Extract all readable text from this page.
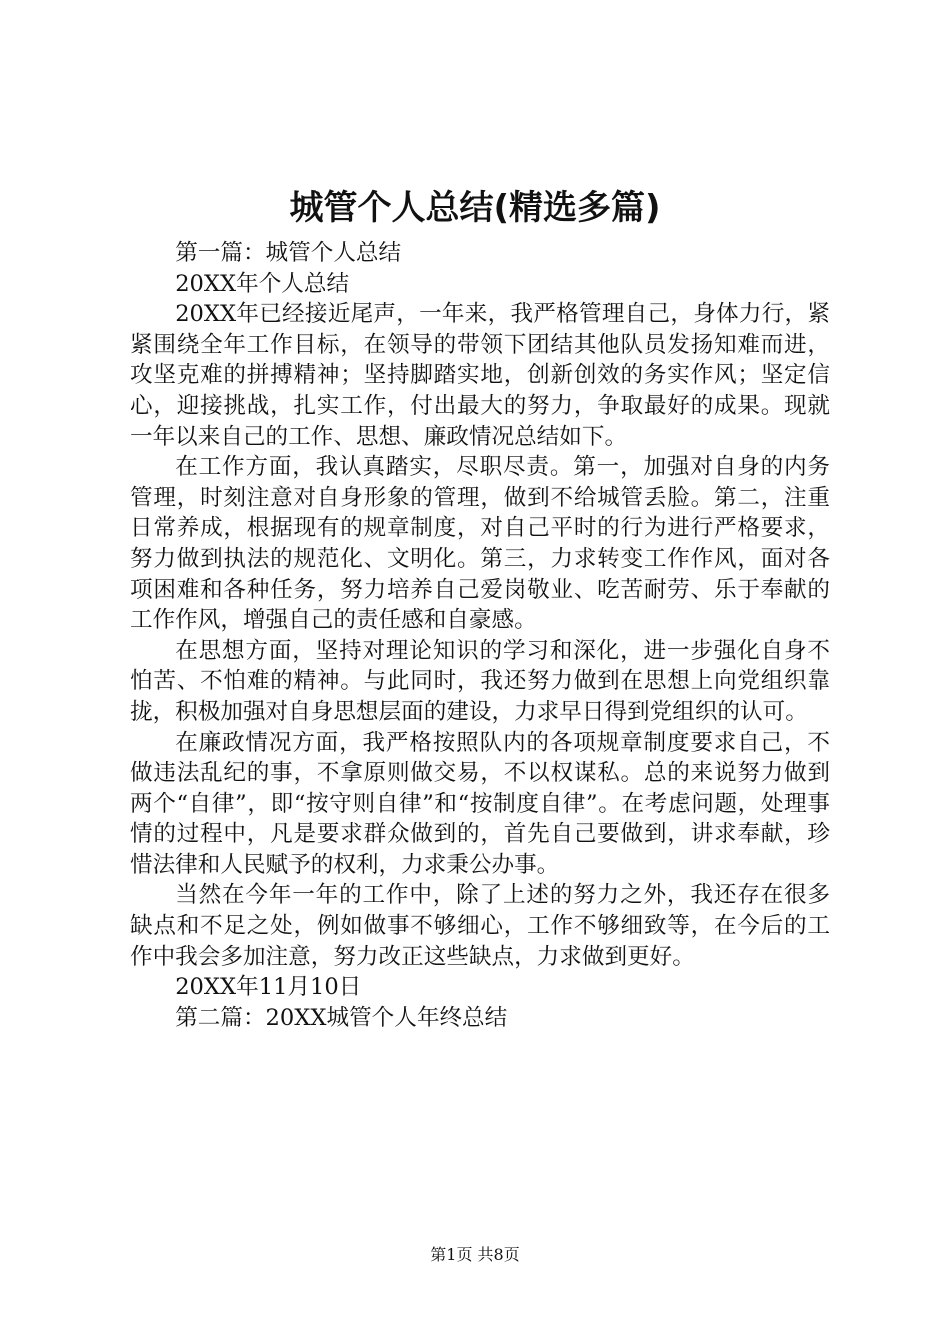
城管个人总结(精选多篇)

第一篇：城管个人总结

20XX年个人总结

20XX年已经接近尾声，一年来，我严格管理自己，身体力行，紧紧围绕全年工作目标，在领导的带领下团结其他队员发扬知难而进，攻坚克难的拼搏精神；坚持脚踏实地，创新创效的务实作风；坚定信心，迎接挑战，扎实工作，付出最大的努力，争取最好的成果。现就一年以来自己的工作、思想、廉政情况总结如下。

在工作方面，我认真踏实，尽职尽责。第一，加强对自身的内务管理，时刻注意对自身形象的管理，做到不给城管丢脸。第二，注重日常养成，根据现有的规章制度，对自己平时的行为进行严格要求，努力做到执法的规范化、文明化。第三，力求转变工作作风，面对各项困难和各种任务，努力培养自己爱岗敬业、吃苦耐劳、乐于奉献的工作作风，增强自己的责任感和自豪感。

在思想方面，坚持对理论知识的学习和深化，进一步强化自身不怕苦、不怕难的精神。与此同时，我还努力做到在思想上向党组织靠拢，积极加强对自身思想层面的建设，力求早日得到党组织的认可。

在廉政情况方面，我严格按照队内的各项规章制度要求自己，不做违法乱纪的事，不拿原则做交易，不以权谋私。总的来说努力做到两个“自律”，即“按守则自律”和“按制度自律”。在考虑问题，处理事情的过程中，凡是要求群众做到的，首先自己要做到，讲求奉献，珍惜法律和人民赋予的权利，力求秉公办事。

当然在今年一年的工作中，除了上述的努力之外，我还存在很多缺点和不足之处，例如做事不够细心，工作不够细致等，在今后的工作中我会多加注意，努力改正这些缺点，力求做到更好。

20XX年11月10日

第二篇：20XX城管个人年终总结

第1页 共8页
